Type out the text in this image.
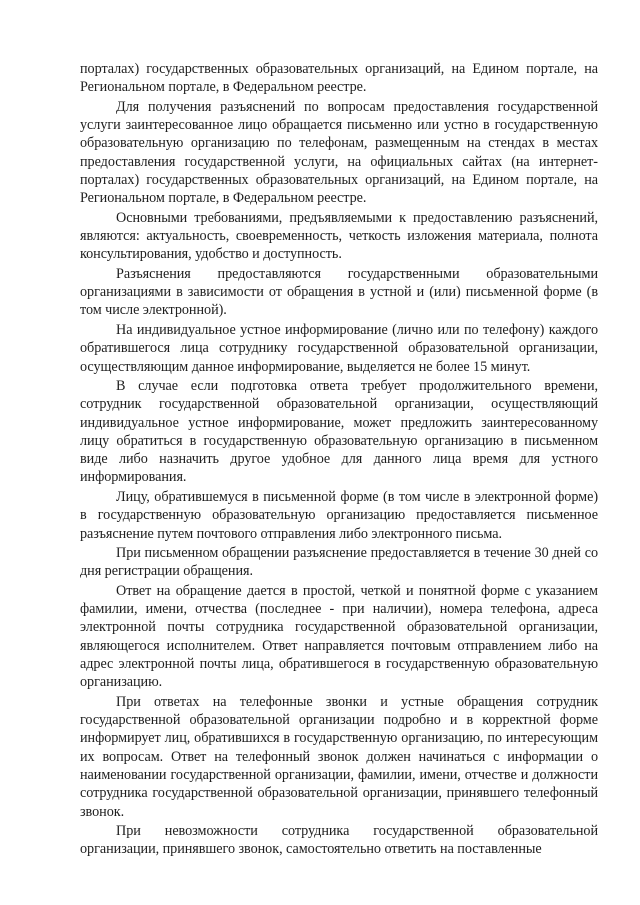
порталах) государственных образовательных организаций, на Едином портале, на Региональном портале, в Федеральном реестре.

Для получения разъяснений по вопросам предоставления государственной услуги заинтересованное лицо обращается письменно или устно в государственную образовательную организацию по телефонам, размещенным на стендах в местах предоставления государственной услуги, на официальных сайтах (на интернет-порталах) государственных образовательных организаций, на Едином портале, на Региональном портале, в Федеральном реестре.

Основными требованиями, предъявляемыми к предоставлению разъяснений, являются: актуальность, своевременность, четкость изложения материала, полнота консультирования, удобство и доступность.

Разъяснения предоставляются государственными образовательными организациями в зависимости от обращения в устной и (или) письменной форме (в том числе электронной).

На индивидуальное устное информирование (лично или по телефону) каждого обратившегося лица сотруднику государственной образовательной организации, осуществляющим данное информирование, выделяется не более 15 минут.

В случае если подготовка ответа требует продолжительного времени, сотрудник государственной образовательной организации, осуществляющий индивидуальное устное информирование, может предложить заинтересованному лицу обратиться в государственную образовательную организацию в письменном виде либо назначить другое удобное для данного лица время для устного информирования.

Лицу, обратившемуся в письменной форме (в том числе в электронной форме) в государственную образовательную организацию предоставляется письменное разъяснение путем почтового отправления либо электронного письма.

При письменном обращении разъяснение предоставляется в течение 30 дней со дня регистрации обращения.

Ответ на обращение дается в простой, четкой и понятной форме с указанием фамилии, имени, отчества (последнее - при наличии), номера телефона, адреса электронной почты сотрудника государственной образовательной организации, являющегося исполнителем. Ответ направляется почтовым отправлением либо на адрес электронной почты лица, обратившегося в государственную образовательную организацию.

При ответах на телефонные звонки и устные обращения сотрудник государственной образовательной организации подробно и в корректной форме информирует лиц, обратившихся в государственную организацию, по интересующим их вопросам. Ответ на телефонный звонок должен начинаться с информации о наименовании государственной организации, фамилии, имени, отчестве и должности сотрудника государственной образовательной организации, принявшего телефонный звонок.

При невозможности сотрудника государственной образовательной организации, принявшего звонок, самостоятельно ответить на поставленные
